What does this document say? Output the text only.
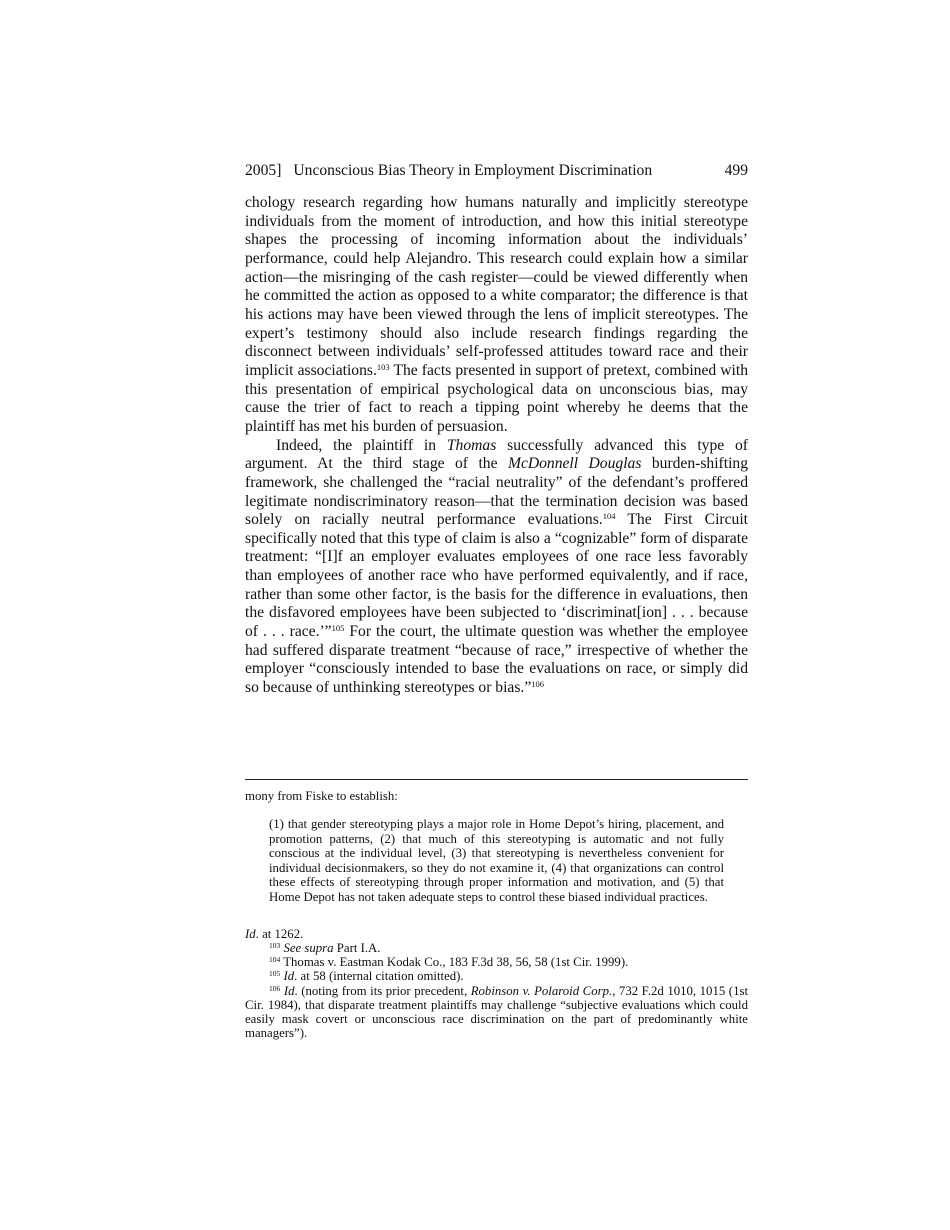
2005] Unconscious Bias Theory in Employment Discrimination	499

chology research regarding how humans naturally and implicitly stereotype individuals from the moment of introduction, and how this initial stereotype shapes the processing of incoming information about the individuals’ performance, could help Alejandro. This research could explain how a similar action—the misringing of the cash register—could be viewed differently when he committed the action as opposed to a white comparator; the difference is that his actions may have been viewed through the lens of implicit stereotypes. The expert’s testimony should also include research findings regarding the disconnect between individuals’ self-professed attitudes toward race and their implicit associations.$^{103}$ The facts presented in support of pretext, combined with this presentation of empirical psychological data on unconscious bias, may cause the trier of fact to reach a tipping point whereby he deems that the plaintiff has met his burden of persuasion.

Indeed, the plaintiff in Thomas successfully advanced this type of argument. At the third stage of the McDonnell Douglas burden-shifting framework, she challenged the “racial neutrality” of the defendant’s proffered legitimate nondiscriminatory reason—that the termination decision was based solely on racially neutral performance evaluations.$^{104}$ The First Circuit specifically noted that this type of claim is also a “cognizable” form of disparate treatment: “[I]f an employer evaluates employees of one race less favorably than employees of another race who have performed equivalently, and if race, rather than some other factor, is the basis for the difference in evaluations, then the disfavored employees have been subjected to ‘discriminat[ion] . . . because of . . . race.’”$^{105}$ For the court, the ultimate question was whether the employee had suffered disparate treatment “because of race,” irrespective of whether the employer “consciously intended to base the evaluations on race, or simply did so because of unthinking stereotypes or bias.”$^{106}$

mony from Fiske to establish:
(1) that gender stereotyping plays a major role in Home Depot’s hiring, placement, and promotion patterns, (2) that much of this stereotyping is automatic and not fully conscious at the individual level, (3) that stereotyping is nevertheless convenient for individual decisionmakers, so they do not examine it, (4) that organizations can control these effects of stereotyping through proper information and motivation, and (5) that Home Depot has not taken adequate steps to control these biased individual practices.
Id. at 1262.

$^{103}$ See supra Part I.A.

$^{104}$ Thomas v. Eastman Kodak Co., 183 F.3d 38, 56, 58 (1st Cir. 1999).

$^{105}$ Id. at 58 (internal citation omitted).

$^{106}$ Id. (noting from its prior precedent, Robinson v. Polaroid Corp., 732 F.2d 1010, 1015 (1st Cir. 1984), that disparate treatment plaintiffs may challenge “subjective evaluations which could easily mask covert or unconscious race discrimination on the part of predominantly white managers”).
